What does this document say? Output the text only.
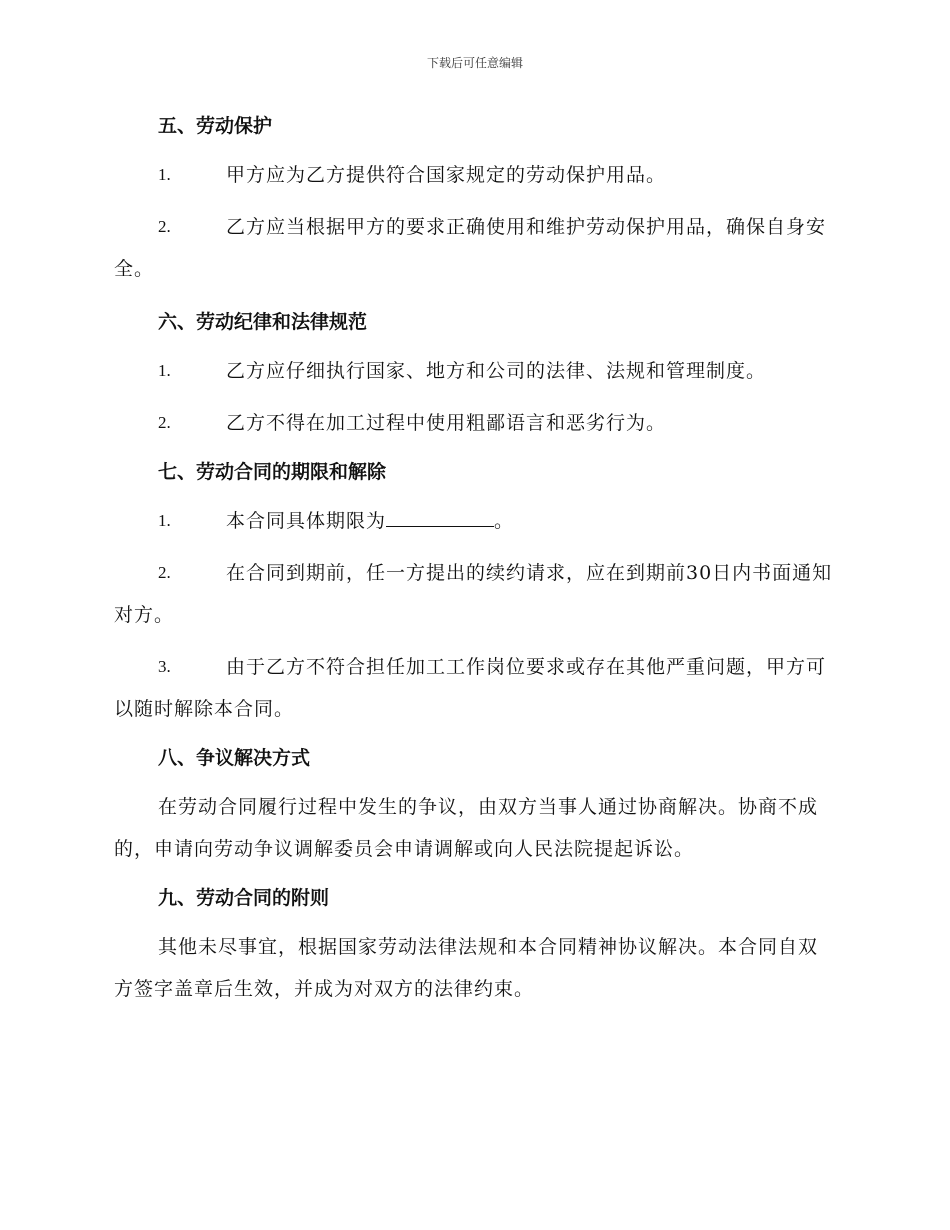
下载后可任意编辑
五、劳动保护
1.	甲方应为乙方提供符合国家规定的劳动保护用品。
2.	乙方应当根据甲方的要求正确使用和维护劳动保护用品，确保自身安全。
六、劳动纪律和法律规范
1.	乙方应仔细执行国家、地方和公司的法律、法规和管理制度。
2.	乙方不得在加工过程中使用粗鄙语言和恶劣行为。
七、劳动合同的期限和解除
1.	本合同具体期限为	。
2.	在合同到期前，任一方提出的续约请求，应在到期前30日内书面通知对方。
3.	由于乙方不符合担任加工工作岗位要求或存在其他严重问题，甲方可以随时解除本合同。
八、争议解决方式
在劳动合同履行过程中发生的争议，由双方当事人通过协商解决。协商不成的，申请向劳动争议调解委员会申请调解或向人民法院提起诉讼。
九、劳动合同的附则
其他未尽事宜，根据国家劳动法律法规和本合同精神协议解决。本合同自双方签字盖章后生效，并成为对双方的法律约束。
